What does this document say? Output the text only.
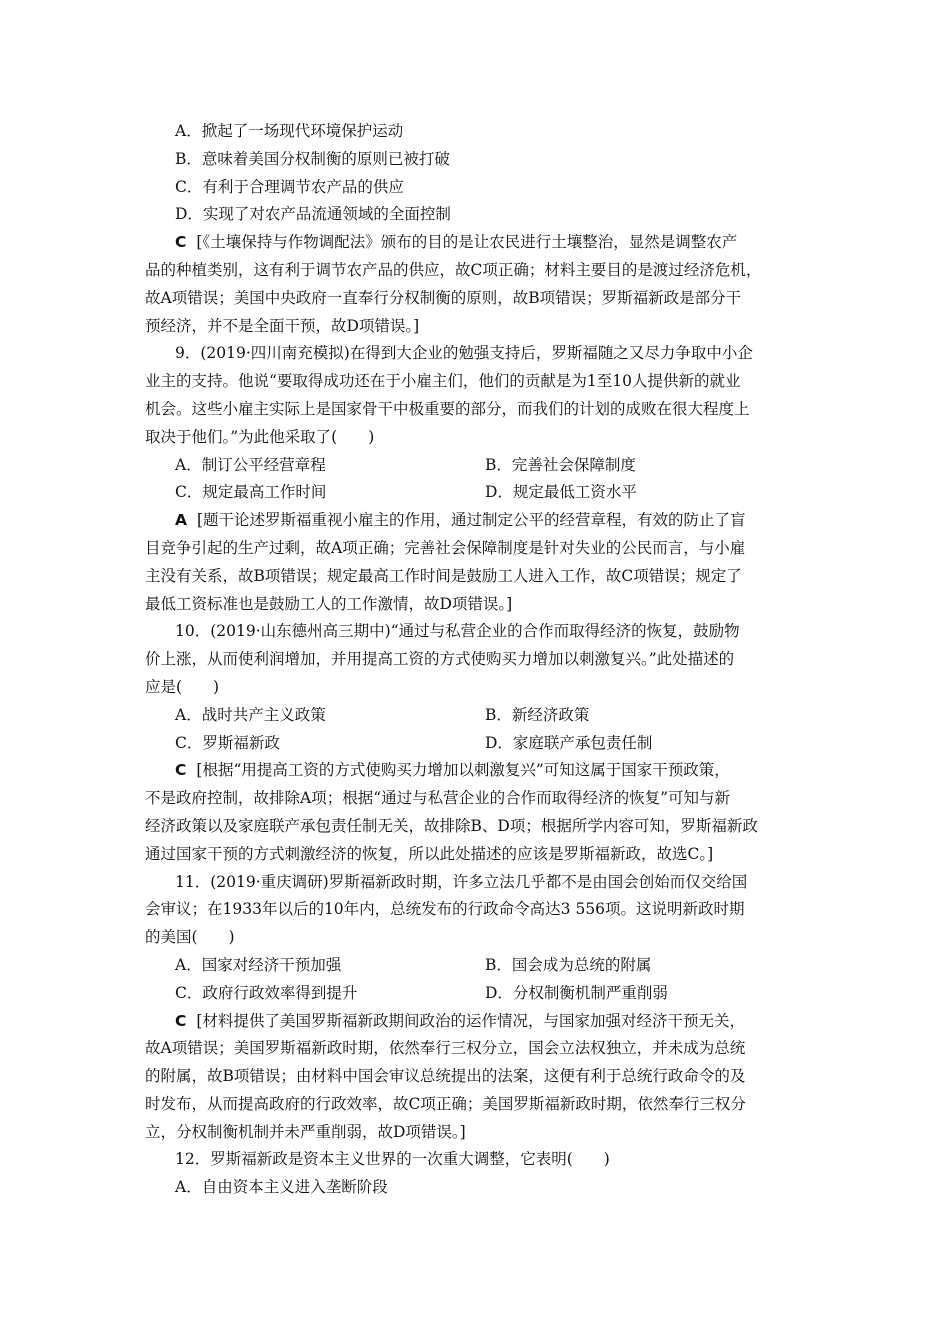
A．掀起了一场现代环境保护运动
B．意味着美国分权制衡的原则已被打破
C．有利于合理调节农产品的供应
D．实现了对农产品流通领域的全面控制
C [《土壤保持与作物调配法》颁布的目的是让农民进行土壤整治，显然是调整农产
品的种植类别，这有利于调节农产品的供应，故C项正确；材料主要目的是渡过经济危机，
故A项错误；美国中央政府一直奉行分权制衡的原则，故B项错误；罗斯福新政是部分干
预经济，并不是全面干预，故D项错误。]
9．(2019·四川南充模拟)在得到大企业的勉强支持后，罗斯福随之又尽力争取中小企
业主的支持。他说“要取得成功还在于小雇主们，他们的贡献是为1至10人提供新的就业
机会。这些小雇主实际上是国家骨干中极重要的部分，而我们的计划的成败在很大程度上
取决于他们。”为此他采取了(　　)
A．制订公平经营章程	B．完善社会保障制度
C．规定最高工作时间	D．规定最低工资水平
A [题干论述罗斯福重视小雇主的作用，通过制定公平的经营章程，有效的防止了盲
目竞争引起的生产过剩，故A项正确；完善社会保障制度是针对失业的公民而言，与小雇
主没有关系，故B项错误；规定最高工作时间是鼓励工人进入工作，故C项错误；规定了
最低工资标准也是鼓励工人的工作激情，故D项错误。]
10．(2019·山东德州高三期中)“通过与私营企业的合作而取得经济的恢复，鼓励物
价上涨，从而使利润增加，并用提高工资的方式使购买力增加以刺激复兴。”此处描述的
应是(　　)
A．战时共产主义政策	B．新经济政策
C．罗斯福新政	D．家庭联产承包责任制
C [根据“用提高工资的方式使购买力增加以刺激复兴”可知这属于国家干预政策，
不是政府控制，故排除A项；根据“通过与私营企业的合作而取得经济的恢复”可知与新
经济政策以及家庭联产承包责任制无关，故排除B、D项；根据所学内容可知，罗斯福新政
通过国家干预的方式刺激经济的恢复，所以此处描述的应该是罗斯福新政，故选C。]
11．(2019·重庆调研)罗斯福新政时期，许多立法几乎都不是由国会创始而仅交给国
会审议；在1933年以后的10年内，总统发布的行政命令高达3 556项。这说明新政时期
的美国(　　)
A．国家对经济干预加强	B．国会成为总统的附属
C．政府行政效率得到提升	D．分权制衡机制严重削弱
C [材料提供了美国罗斯福新政期间政治的运作情况，与国家加强对经济干预无关，
故A项错误；美国罗斯福新政时期，依然奉行三权分立，国会立法权独立，并未成为总统
的附属，故B项错误；由材料中国会审议总统提出的法案，这便有利于总统行政命令的及
时发布，从而提高政府的行政效率，故C项正确；美国罗斯福新政时期，依然奉行三权分
立，分权制衡机制并未严重削弱，故D项错误。]
12．罗斯福新政是资本主义世界的一次重大调整，它表明(　　)
A．自由资本主义进入垄断阶段
